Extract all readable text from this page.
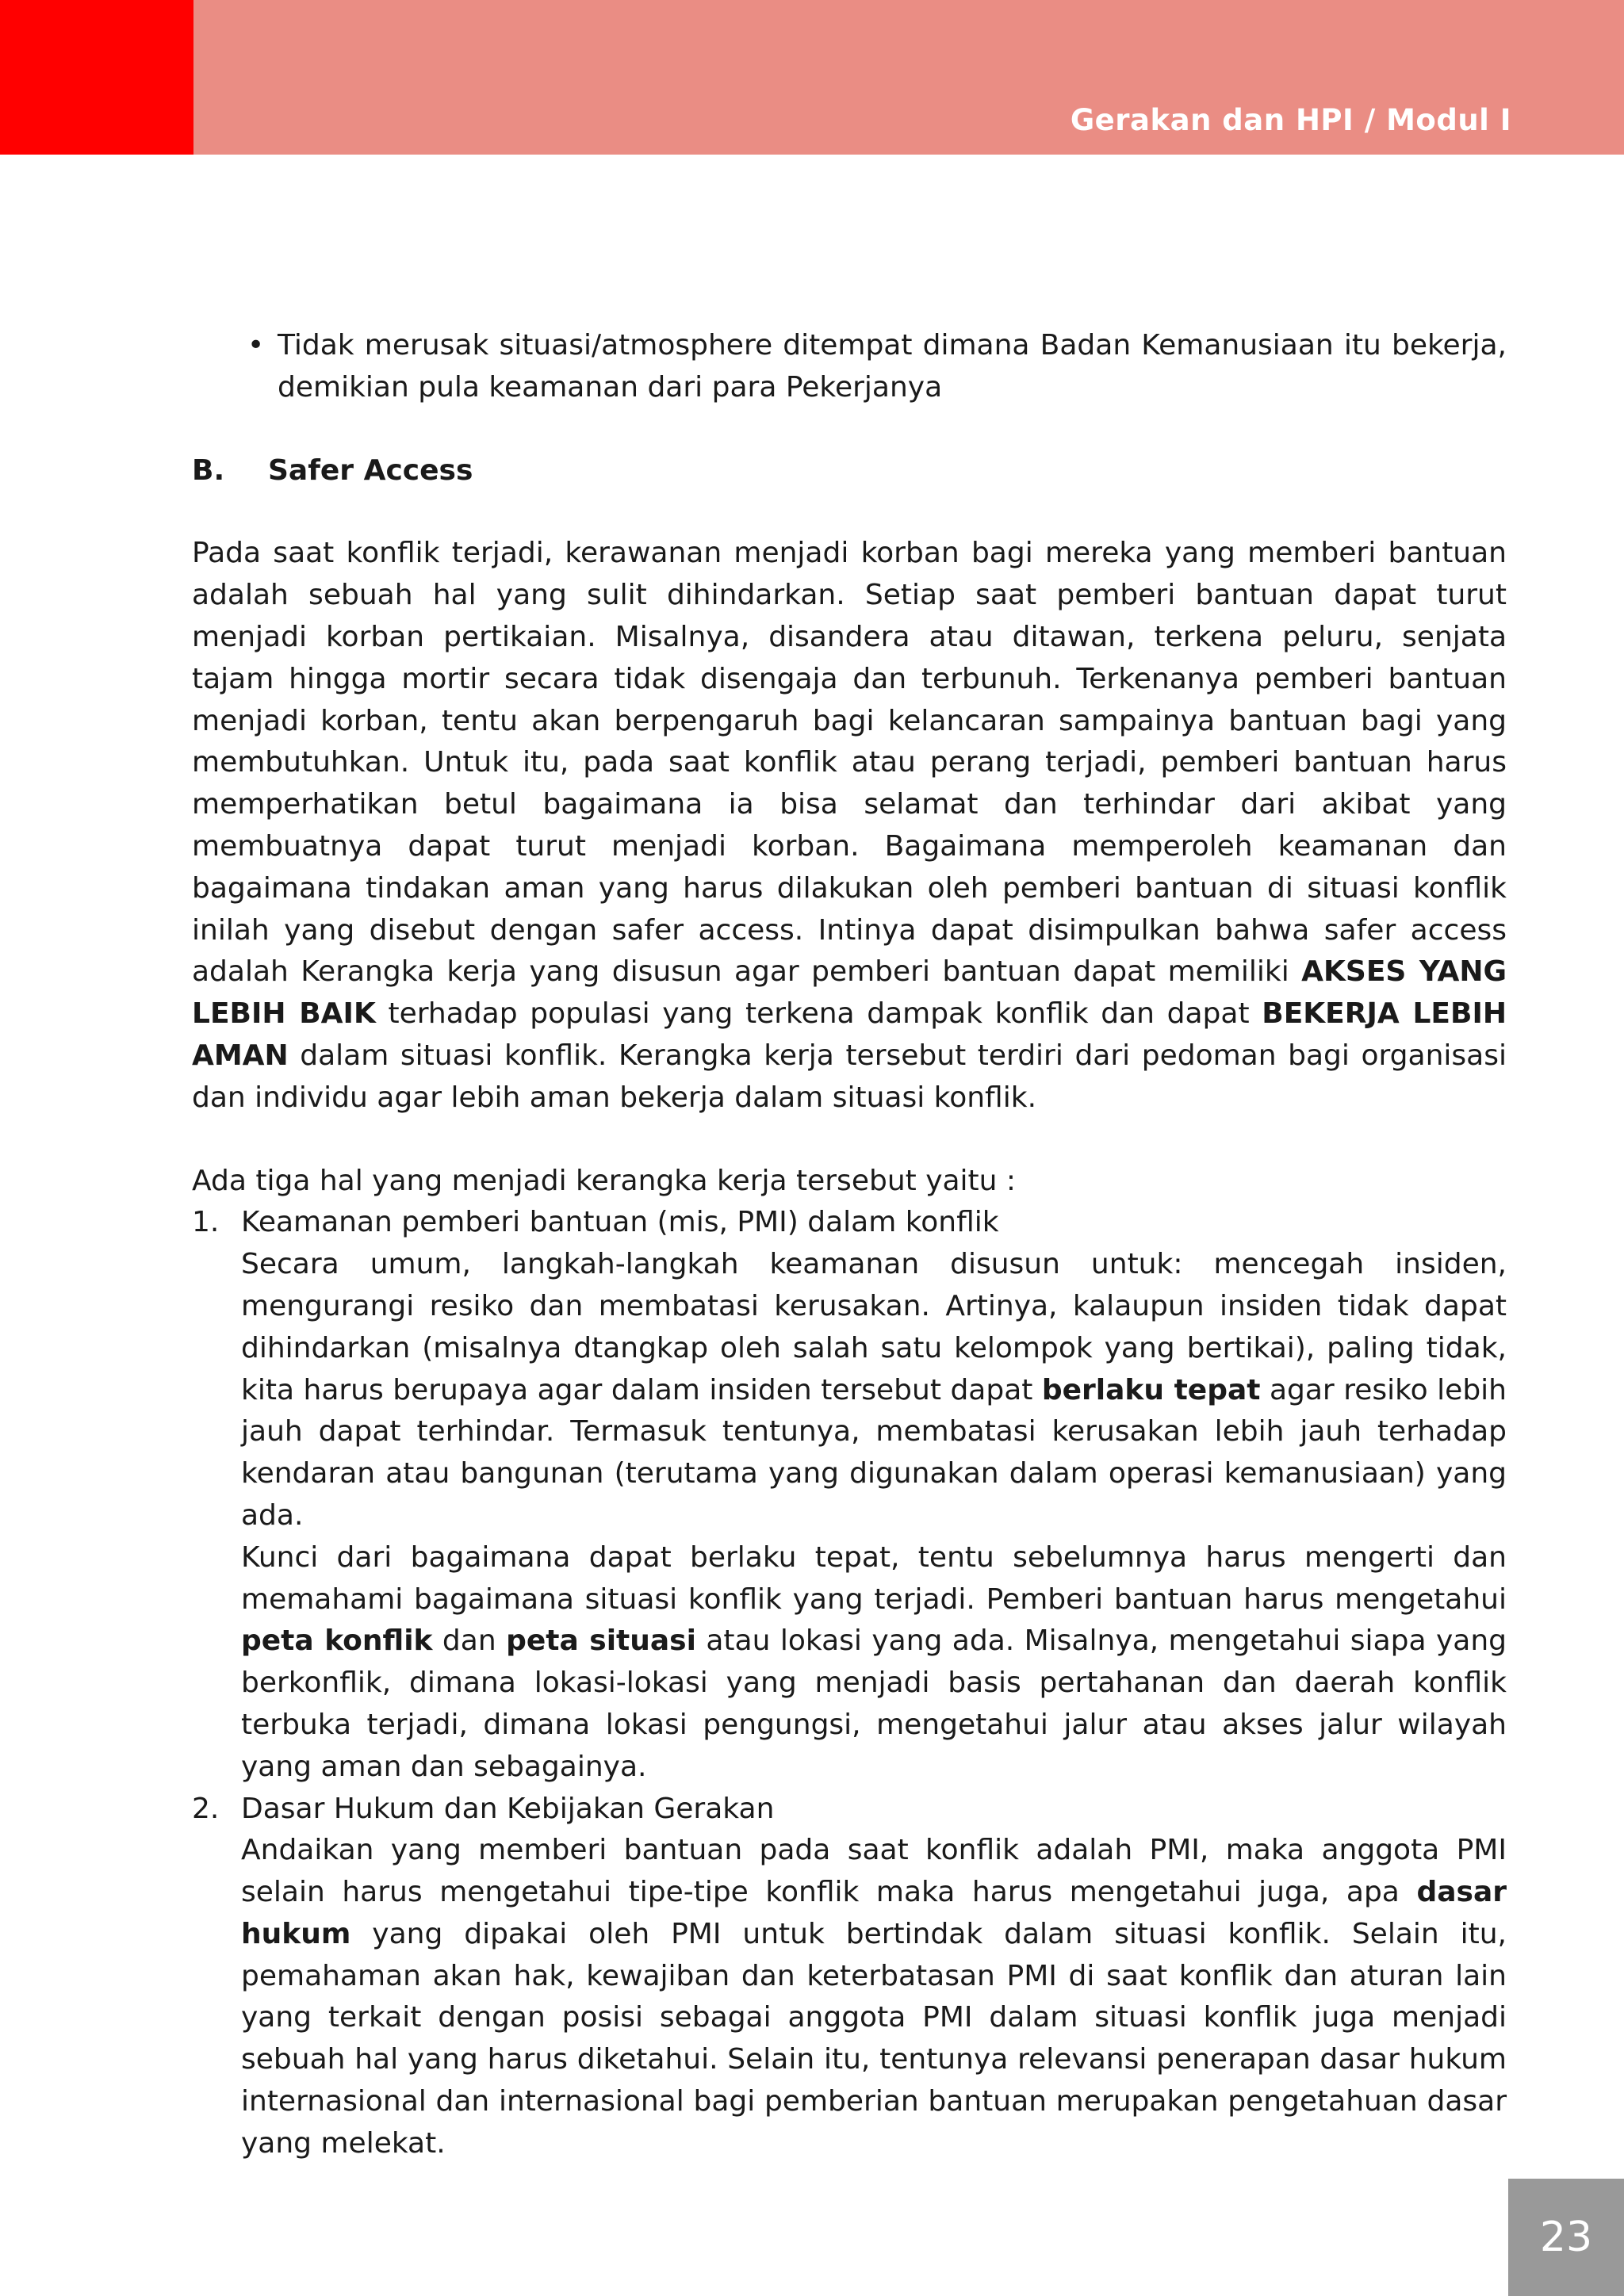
Gerakan dan HPI / Modul I
• Tidak merusak situasi/atmosphere ditempat dimana Badan Kemanusiaan itu bekerja, demikian pula keamanan dari para Pekerjanya

B.	Safer Access

Pada saat konflik terjadi, kerawanan menjadi korban bagi mereka yang memberi bantuan adalah sebuah hal yang sulit dihindarkan. Setiap saat pemberi bantuan dapat turut menjadi korban pertikaian. Misalnya, disandera atau ditawan, terkena peluru, senjata tajam hingga mortir secara tidak disengaja dan terbunuh. Terkenanya pemberi bantuan menjadi korban, tentu akan berpengaruh bagi kelancaran sampainya bantuan bagi yang membutuhkan. Untuk itu, pada saat konflik atau perang terjadi, pemberi bantuan harus memperhatikan betul bagaimana ia bisa selamat dan terhindar dari akibat yang membuatnya dapat turut menjadi korban. Bagaimana memperoleh keamanan dan bagaimana tindakan aman yang harus dilakukan oleh pemberi bantuan di situasi konflik inilah yang disebut dengan safer access. Intinya dapat disimpulkan bahwa safer access adalah Kerangka kerja yang disusun agar pemberi bantuan dapat memiliki AKSES YANG LEBIH BAIK terhadap populasi yang terkena dampak konflik dan dapat BEKERJA LEBIH AMAN dalam situasi konflik. Kerangka kerja tersebut terdiri dari pedoman bagi organisasi dan individu agar lebih aman bekerja dalam situasi konflik.

Ada tiga hal yang menjadi kerangka kerja tersebut yaitu :

1. Keamanan pemberi bantuan (mis, PMI) dalam konflik

Secara umum, langkah-langkah keamanan disusun untuk: mencegah insiden, mengurangi resiko dan membatasi kerusakan. Artinya, kalaupun insiden tidak dapat dihindarkan (misalnya dtangkap oleh salah satu kelompok yang bertikai), paling tidak, kita harus berupaya agar dalam insiden tersebut dapat berlaku tepat agar resiko lebih jauh dapat terhindar. Termasuk tentunya, membatasi kerusakan lebih jauh terhadap kendaran atau bangunan (terutama yang digunakan dalam operasi kemanusiaan) yang ada.

Kunci dari bagaimana dapat berlaku tepat, tentu sebelumnya harus mengerti dan memahami bagaimana situasi konflik yang terjadi. Pemberi bantuan harus mengetahui peta konflik dan peta situasi atau lokasi yang ada. Misalnya, mengetahui siapa yang berkonflik, dimana lokasi-lokasi yang menjadi basis pertahanan dan daerah konflik terbuka terjadi, dimana lokasi pengungsi, mengetahui jalur atau akses jalur wilayah yang aman dan sebagainya.

2. Dasar Hukum dan Kebijakan Gerakan

Andaikan yang memberi bantuan pada saat konflik adalah PMI, maka anggota PMI selain harus mengetahui tipe-tipe konflik maka harus mengetahui juga, apa dasar hukum yang dipakai oleh PMI untuk bertindak dalam situasi konflik. Selain itu, pemahaman akan hak, kewajiban dan keterbatasan PMI di saat konflik dan aturan lain yang terkait dengan posisi sebagai anggota PMI dalam situasi konflik juga menjadi sebuah hal yang harus diketahui. Selain itu, tentunya relevansi penerapan dasar hukum internasional dan internasional bagi pemberian bantuan merupakan pengetahuan dasar yang melekat.

23
